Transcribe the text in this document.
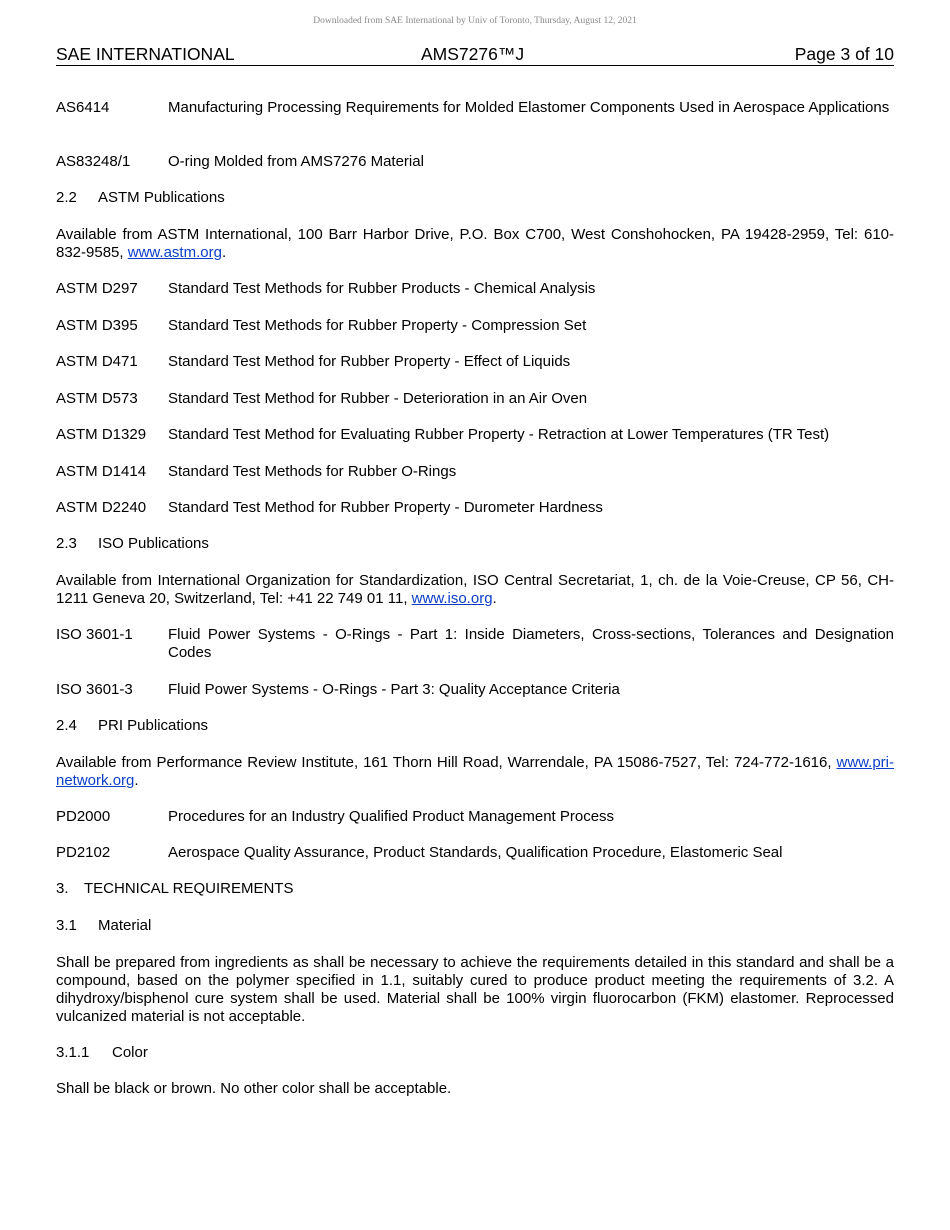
Downloaded from SAE International by Univ of Toronto, Thursday, August 12, 2021
SAE INTERNATIONAL	AMS7276™J	Page 3 of 10
AS6414	Manufacturing Processing Requirements for Molded Elastomer Components Used in Aerospace Applications
AS83248/1	O-ring Molded from AMS7276 Material
2.2 ASTM Publications
Available from ASTM International, 100 Barr Harbor Drive, P.O. Box C700, West Conshohocken, PA 19428-2959, Tel: 610-832-9585, www.astm.org.
ASTM D297 Standard Test Methods for Rubber Products - Chemical Analysis
ASTM D395 Standard Test Methods for Rubber Property - Compression Set
ASTM D471 Standard Test Method for Rubber Property - Effect of Liquids
ASTM D573 Standard Test Method for Rubber - Deterioration in an Air Oven
ASTM D1329 Standard Test Method for Evaluating Rubber Property - Retraction at Lower Temperatures (TR Test)
ASTM D1414 Standard Test Methods for Rubber O-Rings
ASTM D2240 Standard Test Method for Rubber Property - Durometer Hardness
2.3 ISO Publications
Available from International Organization for Standardization, ISO Central Secretariat, 1, ch. de la Voie-Creuse, CP 56, CH-1211 Geneva 20, Switzerland, Tel: +41 22 749 01 11, www.iso.org.
ISO 3601-1 Fluid Power Systems - O-Rings - Part 1: Inside Diameters, Cross-sections, Tolerances and Designation Codes
ISO 3601-3 Fluid Power Systems - O-Rings - Part 3: Quality Acceptance Criteria
2.4 PRI Publications
Available from Performance Review Institute, 161 Thorn Hill Road, Warrendale, PA 15086-7527, Tel: 724-772-1616, www.pri-network.org.
PD2000	Procedures for an Industry Qualified Product Management Process
PD2102	Aerospace Quality Assurance, Product Standards, Qualification Procedure, Elastomeric Seal
3. TECHNICAL REQUIREMENTS
3.1 Material
Shall be prepared from ingredients as shall be necessary to achieve the requirements detailed in this standard and shall be a compound, based on the polymer specified in 1.1, suitably cured to produce product meeting the requirements of 3.2. A dihydroxy/bisphenol cure system shall be used. Material shall be 100% virgin fluorocarbon (FKM) elastomer. Reprocessed vulcanized material is not acceptable.
3.1.1 Color
Shall be black or brown. No other color shall be acceptable.
